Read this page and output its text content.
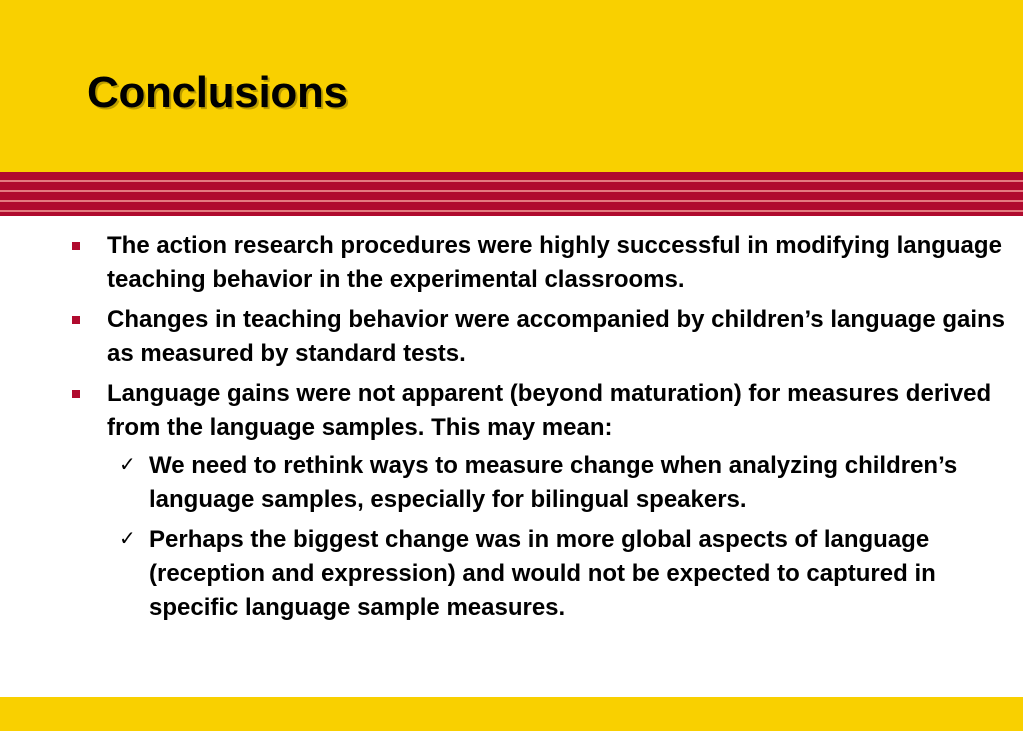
Conclusions
The action research procedures were highly successful in modifying language teaching behavior in the experimental classrooms.
Changes in teaching behavior were accompanied by children’s language gains as measured by standard tests.
Language gains were not apparent (beyond maturation) for measures derived from the language samples. This may mean:
✓ We need to rethink ways to measure change when analyzing children’s language samples, especially for bilingual speakers.
✓ Perhaps the biggest change was in more global aspects of language (reception and expression) and would not be expected to captured in specific language sample measures.
